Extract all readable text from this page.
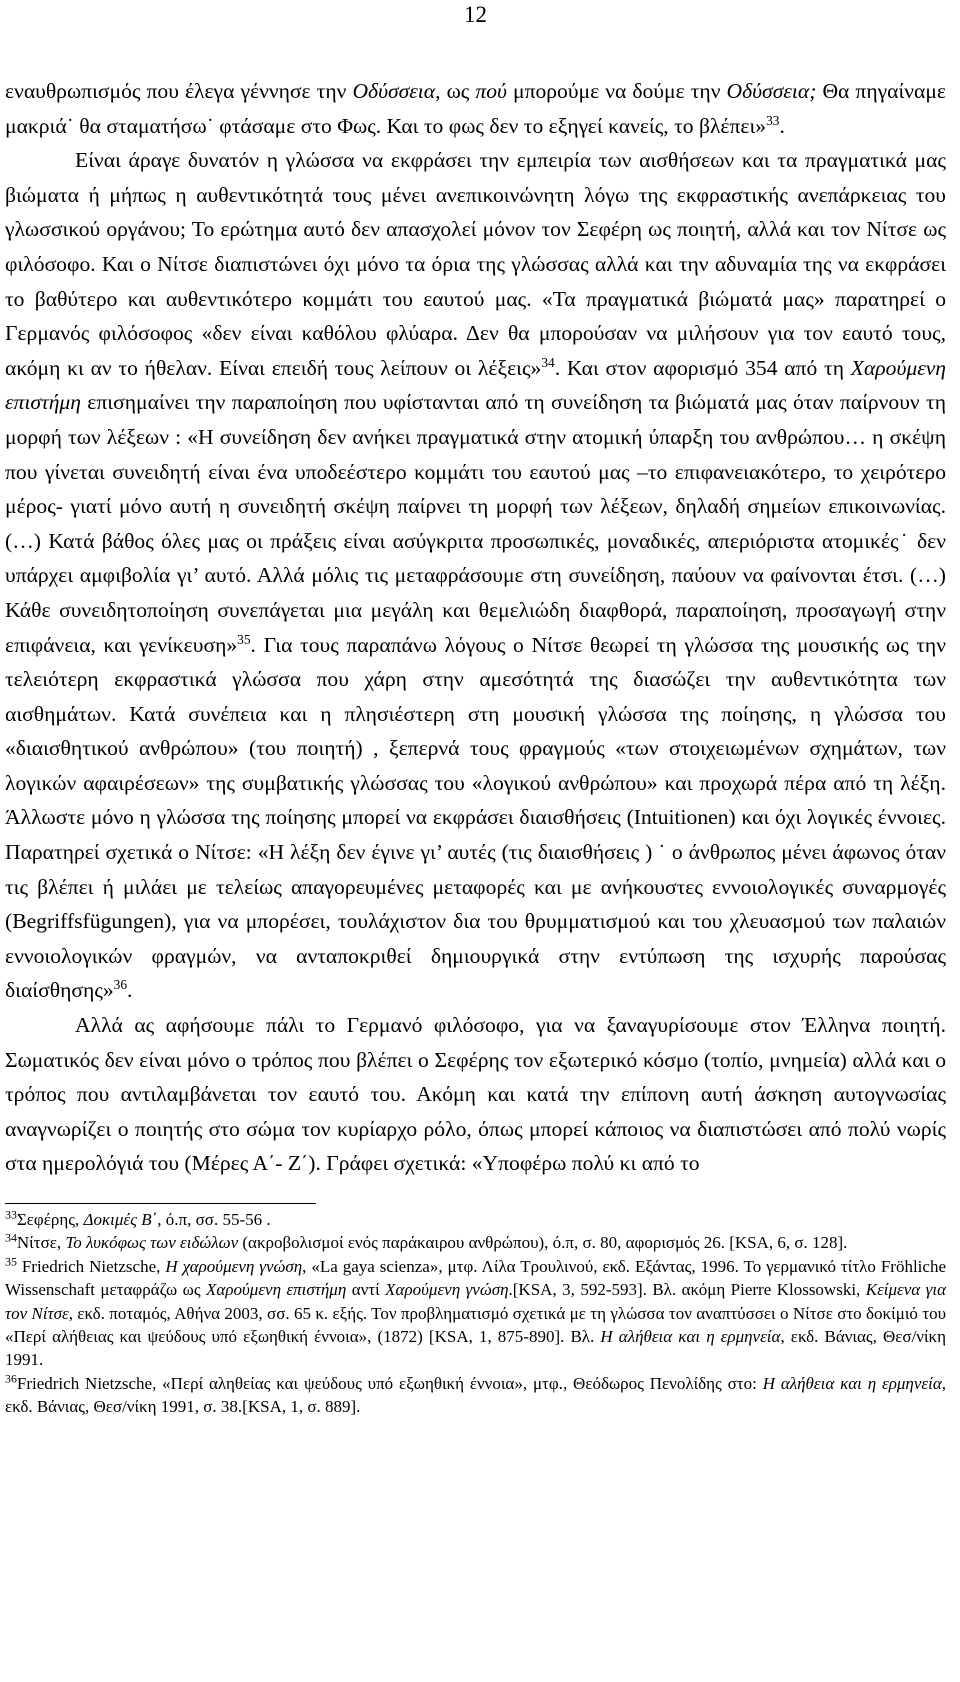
12

εναυθρωπισμός που έλεγα γέννησε την Οδύσσεια, ως πού μπορούμε να δούμε την Οδύσσεια; Θα πηγαίναμε μακριά˙ θα σταματήσω˙ φτάσαμε στο Φως. Και το φως δεν το εξηγεί κανείς, το βλέπει»$^{33}$.

Είναι άραγε δυνατόν η γλώσσα να εκφράσει την εμπειρία των αισθήσεων και τα πραγματικά μας βιώματα ή μήπως η αυθεντικότητά τους μένει ανεπικοινώνητη λόγω της εκφραστικής ανεπάρκειας του γλωσσικού οργάνου; Το ερώτημα αυτό δεν απασχολεί μόνον τον Σεφέρη ως ποιητή, αλλά και τον Νίτσε ως φιλόσοφο. Και ο Νίτσε διαπιστώνει όχι μόνο τα όρια της γλώσσας αλλά και την αδυναμία της να εκφράσει το βαθύτερο και αυθεντικότερο κομμάτι του εαυτού μας. «Τα πραγματικά βιώματά μας» παρατηρεί ο Γερμανός φιλόσοφος «δεν είναι καθόλου φλύαρα. Δεν θα μπορούσαν να μιλήσουν για τον εαυτό τους, ακόμη κι αν το ήθελαν. Είναι επειδή τους λείπουν οι λέξεις»$^{34}$. Και στον αφορισμό 354 από τη Χαρούμενη επιστήμη επισημαίνει την παραποίηση που υφίστανται από τη συνείδηση τα βιώματά μας όταν παίρνουν τη μορφή των λέξεων : «Η συνείδηση δεν ανήκει πραγματικά στην ατομική ύπαρξη του ανθρώπου… η σκέψη που γίνεται συνειδητή είναι ένα υποδεέστερο κομμάτι του εαυτού μας –το επιφανειακότερο, το χειρότερο μέρος- γιατί μόνο αυτή η συνειδητή σκέψη παίρνει τη μορφή των λέξεων, δηλαδή σημείων επικοινωνίας. (…) Κατά βάθος όλες μας οι πράξεις είναι ασύγκριτα προσωπικές, μοναδικές, απεριόριστα ατομικές˙ δεν υπάρχει αμφιβολία γι’ αυτό. Αλλά μόλις τις μεταφράσουμε στη συνείδηση, παύουν να φαίνονται έτσι. (…) Κάθε συνειδητοποίηση συνεπάγεται μια μεγάλη και θεμελιώδη διαφθορά, παραποίηση, προσαγωγή στην επιφάνεια, και γενίκευση»$^{35}$. Για τους παραπάνω λόγους ο Νίτσε θεωρεί τη γλώσσα της μουσικής ως την τελειότερη εκφραστικά γλώσσα που χάρη στην αμεσότητά της διασώζει την αυθεντικότητα των αισθημάτων. Κατά συνέπεια και η πλησιέστερη στη μουσική γλώσσα της ποίησης, η γλώσσα του «διαισθητικού ανθρώπου» (του ποιητή) , ξεπερνά τους φραγμούς «των στοιχειωμένων σχημάτων, των λογικών αφαιρέσεων» της συμβατικής γλώσσας του «λογικού ανθρώπου» και προχωρά πέρα από τη λέξη. Άλλωστε μόνο η γλώσσα της ποίησης μπορεί να εκφράσει διαισθήσεις (Intuitionen) και όχι λογικές έννοιες. Παρατηρεί σχετικά ο Νίτσε: «Η λέξη δεν έγινε γι’ αυτές (τις διαισθήσεις ) ˙ ο άνθρωπος μένει άφωνος όταν τις βλέπει ή μιλάει με τελείως απαγορευμένες μεταφορές και με ανήκουστες εννοιολογικές συναρμογές (Begriffsfügungen), για να μπορέσει, τουλάχιστον δια του θρυμματισμού και του χλευασμού των παλαιών εννοιολογικών φραγμών, να ανταποκριθεί δημιουργικά στην εντύπωση της ισχυρής παρούσας διαίσθησης»$^{36}$.

Αλλά ας αφήσουμε πάλι το Γερμανό φιλόσοφο, για να ξαναγυρίσουμε στον Έλληνα ποιητή. Σωματικός δεν είναι μόνο ο τρόπος που βλέπει ο Σεφέρης τον εξωτερικό κόσμο (τοπίο, μνημεία) αλλά και ο τρόπος που αντιλαμβάνεται τον εαυτό του. Ακόμη και κατά την επίπονη αυτή άσκηση αυτογνωσίας αναγνωρίζει ο ποιητής στο σώμα τον κυρίαρχο ρόλο, όπως μπορεί κάποιος να διαπιστώσει από πολύ νωρίς στα ημερολόγιά του (Μέρες Α΄- Ζ΄). Γράφει σχετικά: «Υποφέρω πολύ κι από το

$^{33}$Σεφέρης, Δοκιμές Β΄, ό.π, σσ. 55-56 .

$^{34}$Νίτσε, Το λυκόφως των ειδώλων (ακροβολισμοί ενός παράκαιρου ανθρώπου), ό.π, σ. 80, αφορισμός 26. [KSA, 6, σ. 128].

$^{35}$ Friedrich Nietzsche, Η χαρούμενη γνώση, «La gaya scienza», μτφ. Λίλα Τρουλινού, εκδ. Εξάντας, 1996. Το γερμανικό τίτλο Fröhliche Wissenschaft μεταφράζω ως Χαρούμενη επιστήμη αντί Χαρούμενη γνώση.[KSA, 3, 592-593]. Βλ. ακόμη Pierre Klossowski, Κείμενα για τον Νίτσε, εκδ. ποταμός, Αθήνα 2003, σσ. 65 κ. εξής. Τον προβληματισμό σχετικά με τη γλώσσα τον αναπτύσσει ο Νίτσε στο δοκίμιό του «Περί αλήθειας και ψεύδους υπό εξωηθική έννοια», (1872) [KSA, 1, 875-890]. Βλ. Η αλήθεια και η ερμηνεία, εκδ. Βάνιας, Θεσ/νίκη 1991.

$^{36}$Friedrich Nietzsche, «Περί αληθείας και ψεύδους υπό εξωηθική έννοια», μτφ., Θεόδωρος Πενολίδης στο: Η αλήθεια και η ερμηνεία, εκδ. Βάνιας, Θεσ/νίκη 1991, σ. 38.[KSA, 1, σ. 889].
